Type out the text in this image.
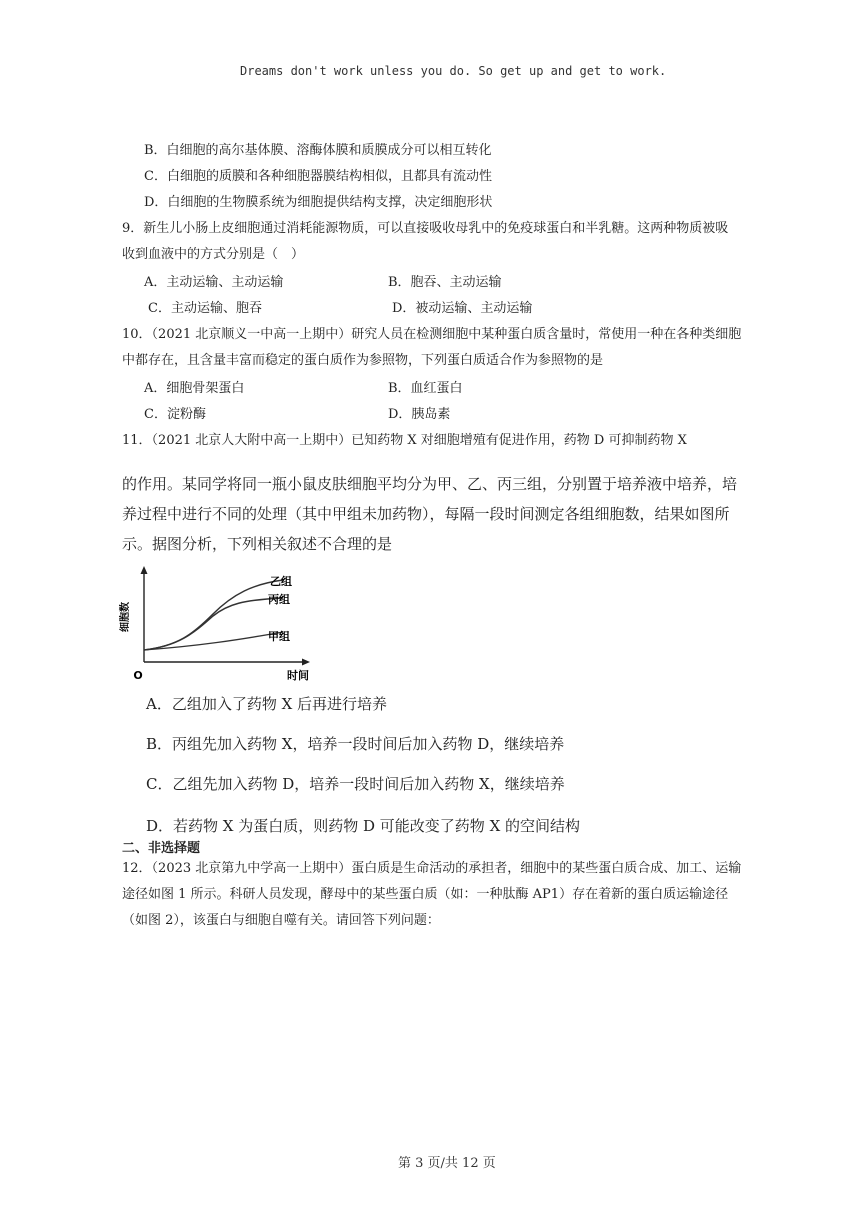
Dreams don't work unless you do. So get up and get to work.
B．白细胞的高尔基体膜、溶酶体膜和质膜成分可以相互转化
C．白细胞的质膜和各种细胞器膜结构相似，且都具有流动性
D．白细胞的生物膜系统为细胞提供结构支撑，决定细胞形状
9．新生儿小肠上皮细胞通过消耗能源物质，可以直接吸收母乳中的免疫球蛋白和半乳糖。这两种物质被吸
收到血液中的方式分别是（　）
A．主动运输、主动运输	B．胞吞、主动运输
C．主动运输、胞吞	D．被动运输、主动运输
10．（2021 北京顺义一中高一上期中）研究人员在检测细胞中某种蛋白质含量时，常使用一种在各种类细胞
中都存在，且含量丰富而稳定的蛋白质作为参照物，下列蛋白质适合作为参照物的是
A．细胞骨架蛋白	B．血红蛋白
C．淀粉酶	D．胰岛素
11．（2021 北京人大附中高一上期中）已知药物 X 对细胞增殖有促进作用，药物 D 可抑制药物 X
的作用。某同学将同一瓶小鼠皮肤细胞平均分为甲、乙、丙三组，分别置于培养液中培养，培
养过程中进行不同的处理（其中甲组未加药物），每隔一段时间测定各组细胞数，结果如图所
示。据图分析，下列相关叙述不合理的是
细胞数
时间
O
乙组
丙组
甲组
A．乙组加入了药物 X 后再进行培养
B．丙组先加入药物 X，培养一段时间后加入药物 D，继续培养
C．乙组先加入药物 D，培养一段时间后加入药物 X，继续培养
D．若药物 X 为蛋白质，则药物 D 可能改变了药物 X 的空间结构
二、非选择题
12．（2023 北京第九中学高一上期中）蛋白质是生命活动的承担者，细胞中的某些蛋白质合成、加工、运输
途径如图 1 所示。科研人员发现，酵母中的某些蛋白质（如：一种肽酶 AP1）存在着新的蛋白质运输途径
（如图 2），该蛋白与细胞自噬有关。请回答下列问题：
第 3 页/共 12 页
